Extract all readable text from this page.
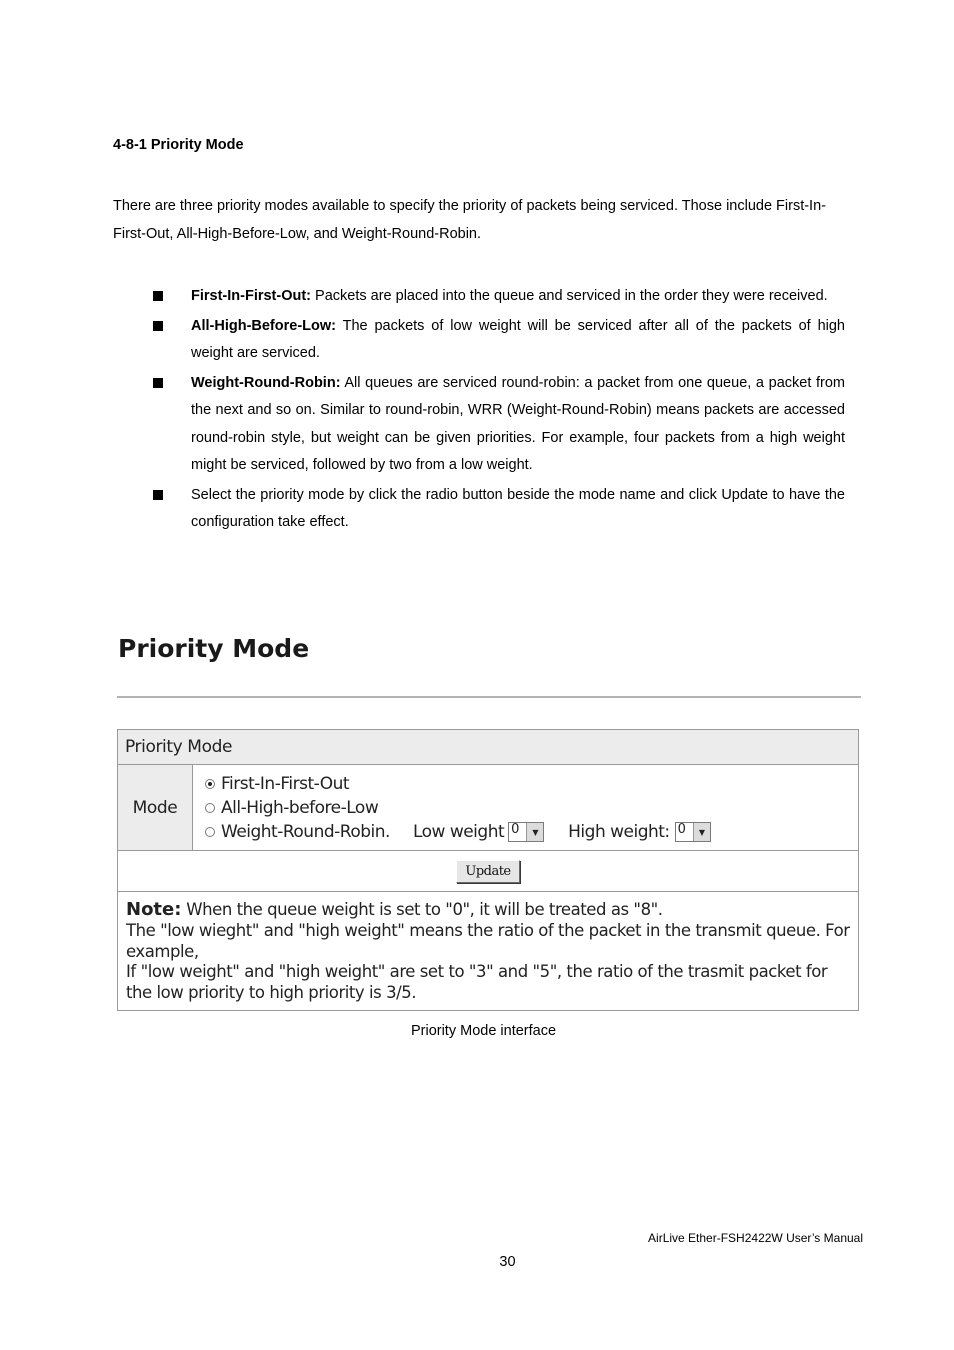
4-8-1 Priority Mode

There are three priority modes available to specify the priority of packets being serviced. Those include First-In-First-Out, All-High-Before-Low, and Weight-Round-Robin.

First-In-First-Out: Packets are placed into the queue and serviced in the order they were received.
All-High-Before-Low: The packets of low weight will be serviced after all of the packets of high weight are serviced.
Weight-Round-Robin: All queues are serviced round-robin: a packet from one queue, a packet from the next and so on. Similar to round-robin, WRR (Weight-Round-Robin) means packets are accessed round-robin style, but weight can be given priorities. For example, four packets from a high weight might be serviced, followed by two from a low weight.
Select the priority mode by click the radio button beside the mode name and click Update to have the configuration take effect.
Priority Mode
Priority Mode
Mode	
First-In-First-Out
All-High-before-Low
Weight-Round-Robin. Low weight 0	▼	High weight: 0	▼

Update
Note: When the queue weight is set to "0", it will be treated as "8".
The "low wieght" and "high weight" means the ratio of the packet in the transmit queue. For example,
If "low weight" and "high weight" are set to "3" and "5", the ratio of the trasmit packet for the low priority to high priority is 3/5.
Priority Mode interface
AirLive Ether-FSH2422W User’s Manual
30
